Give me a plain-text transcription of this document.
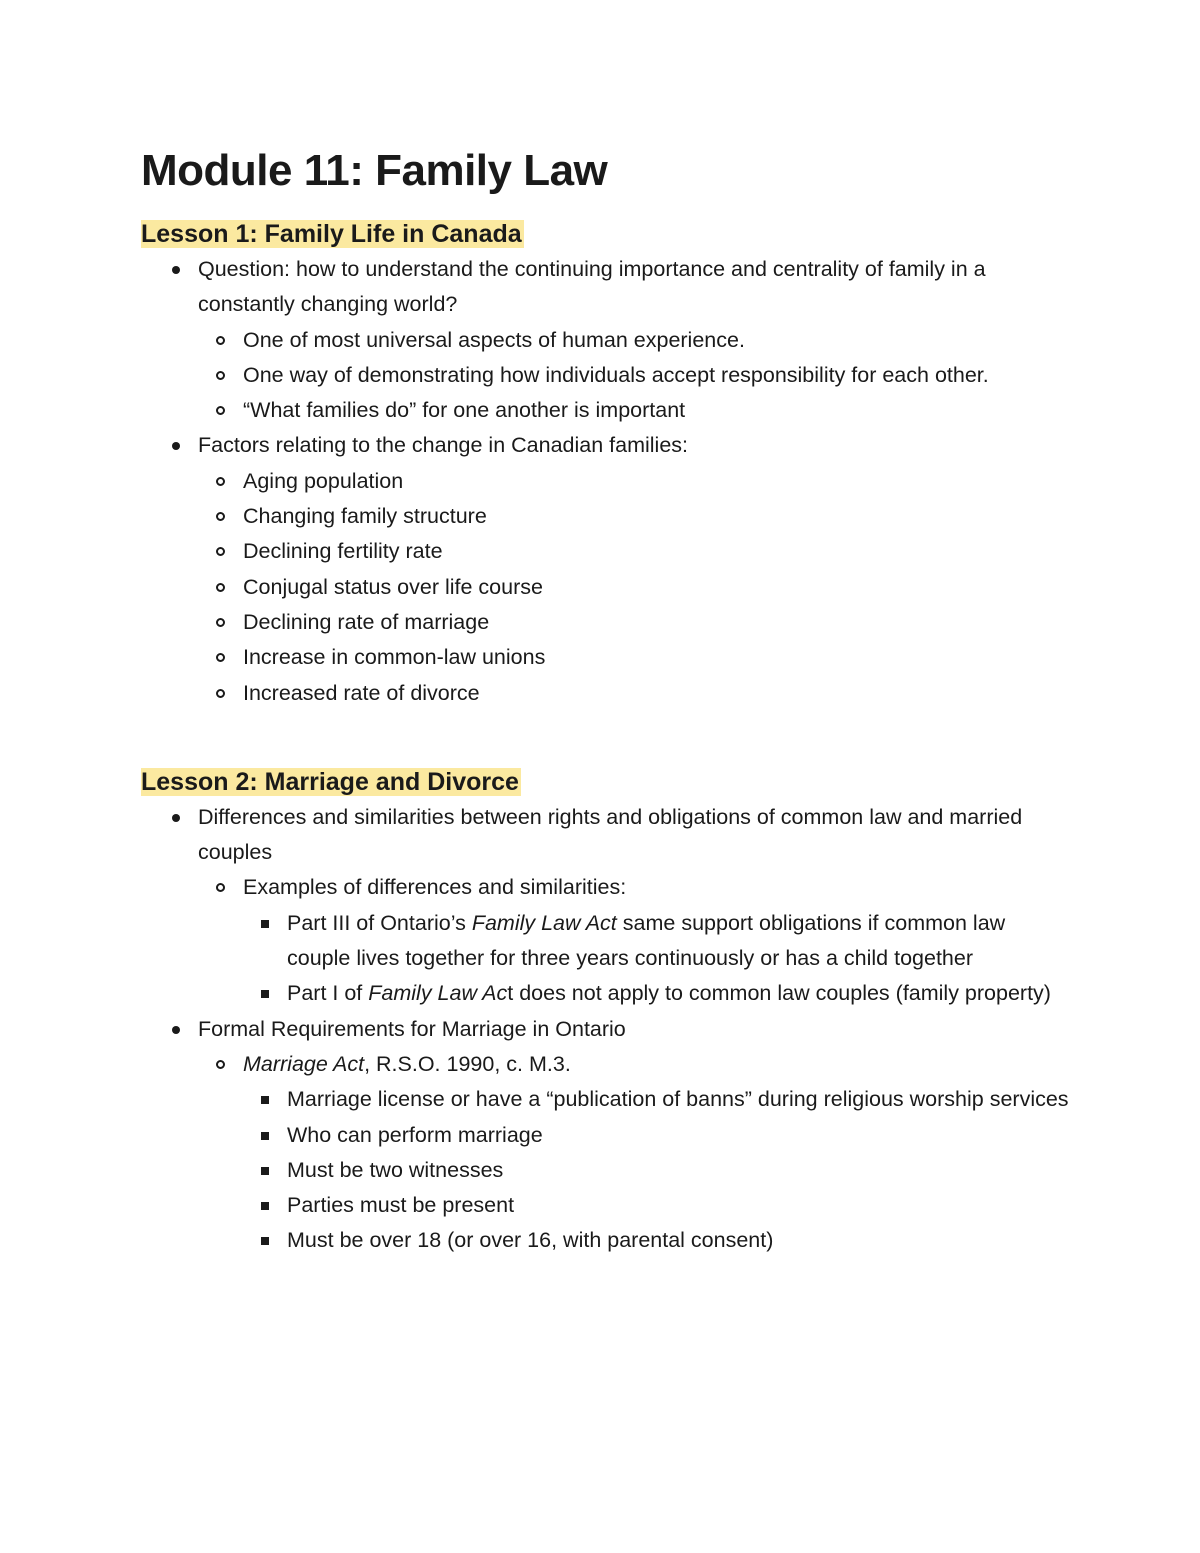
Module 11: Family Law
Lesson 1: Family Life in Canada
Question: how to understand the continuing importance and centrality of family in a constantly changing world?
One of most universal aspects of human experience.
One way of demonstrating how individuals accept responsibility for each other.
“What families do” for one another is important
Factors relating to the change in Canadian families:
Aging population
Changing family structure
Declining fertility rate
Conjugal status over life course
Declining rate of marriage
Increase in common-law unions
Increased rate of divorce
Lesson 2: Marriage and Divorce
Differences and similarities between rights and obligations of common law and married couples
Examples of differences and similarities:
Part III of Ontario’s Family Law Act same support obligations if common law couple lives together for three years continuously or has a child together
Part I of Family Law Act does not apply to common law couples (family property)
Formal Requirements for Marriage in Ontario
Marriage Act, R.S.O. 1990, c. M.3.
Marriage license or have a “publication of banns” during religious worship services
Who can perform marriage
Must be two witnesses
Parties must be present
Must be over 18 (or over 16, with parental consent)
